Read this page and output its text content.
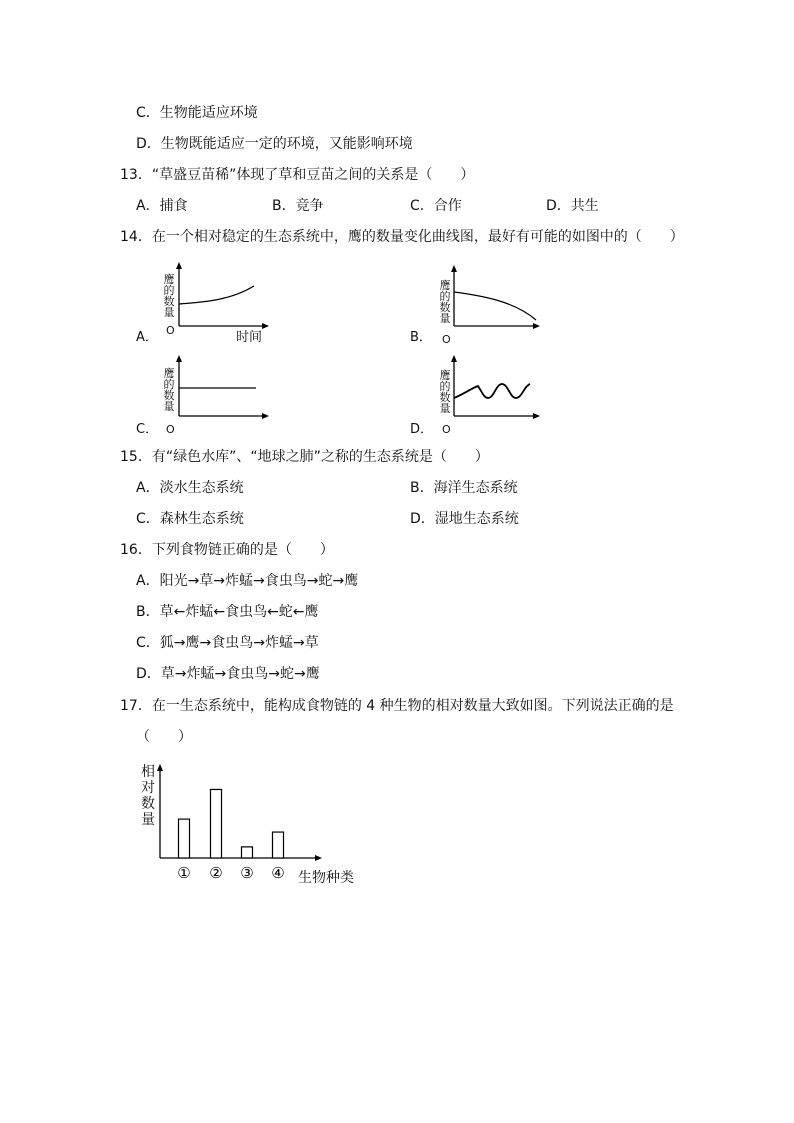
C．生物能适应环境
D．生物既能适应一定的环境，又能影响环境
13．“草盛豆苗稀”体现了草和豆苗之间的关系是（　　）
A．捕食	B．竞争	C．合作	D．共生
14．在一个相对稳定的生态系统中，鹰的数量变化曲线图，最好有可能的如图中的（　　）
A．
鹰的数量
O	时间	B．
鹰的数量
O
C．
鹰的数量
O	D．
鹰的数量
O
15．有“绿色水库”、“地球之肺”之称的生态系统是（　　）
A．淡水生态系统	B．海洋生态系统
C．森林生态系统	D．湿地生态系统
16．下列食物链正确的是（　　）
A．阳光→草→炸蜢→食虫鸟→蛇→鹰
B．草←炸蜢←食虫鸟←蛇←鹰
C．狐→鹰→食虫鸟→炸蜢→草
D．草→炸蜢→食虫鸟→蛇→鹰
17．在一生态系统中，能构成食物链的 4 种生物的相对数量大致如图。下列说法正确的是
（　　）
相对数量
生物种类
① ② ③ ④
